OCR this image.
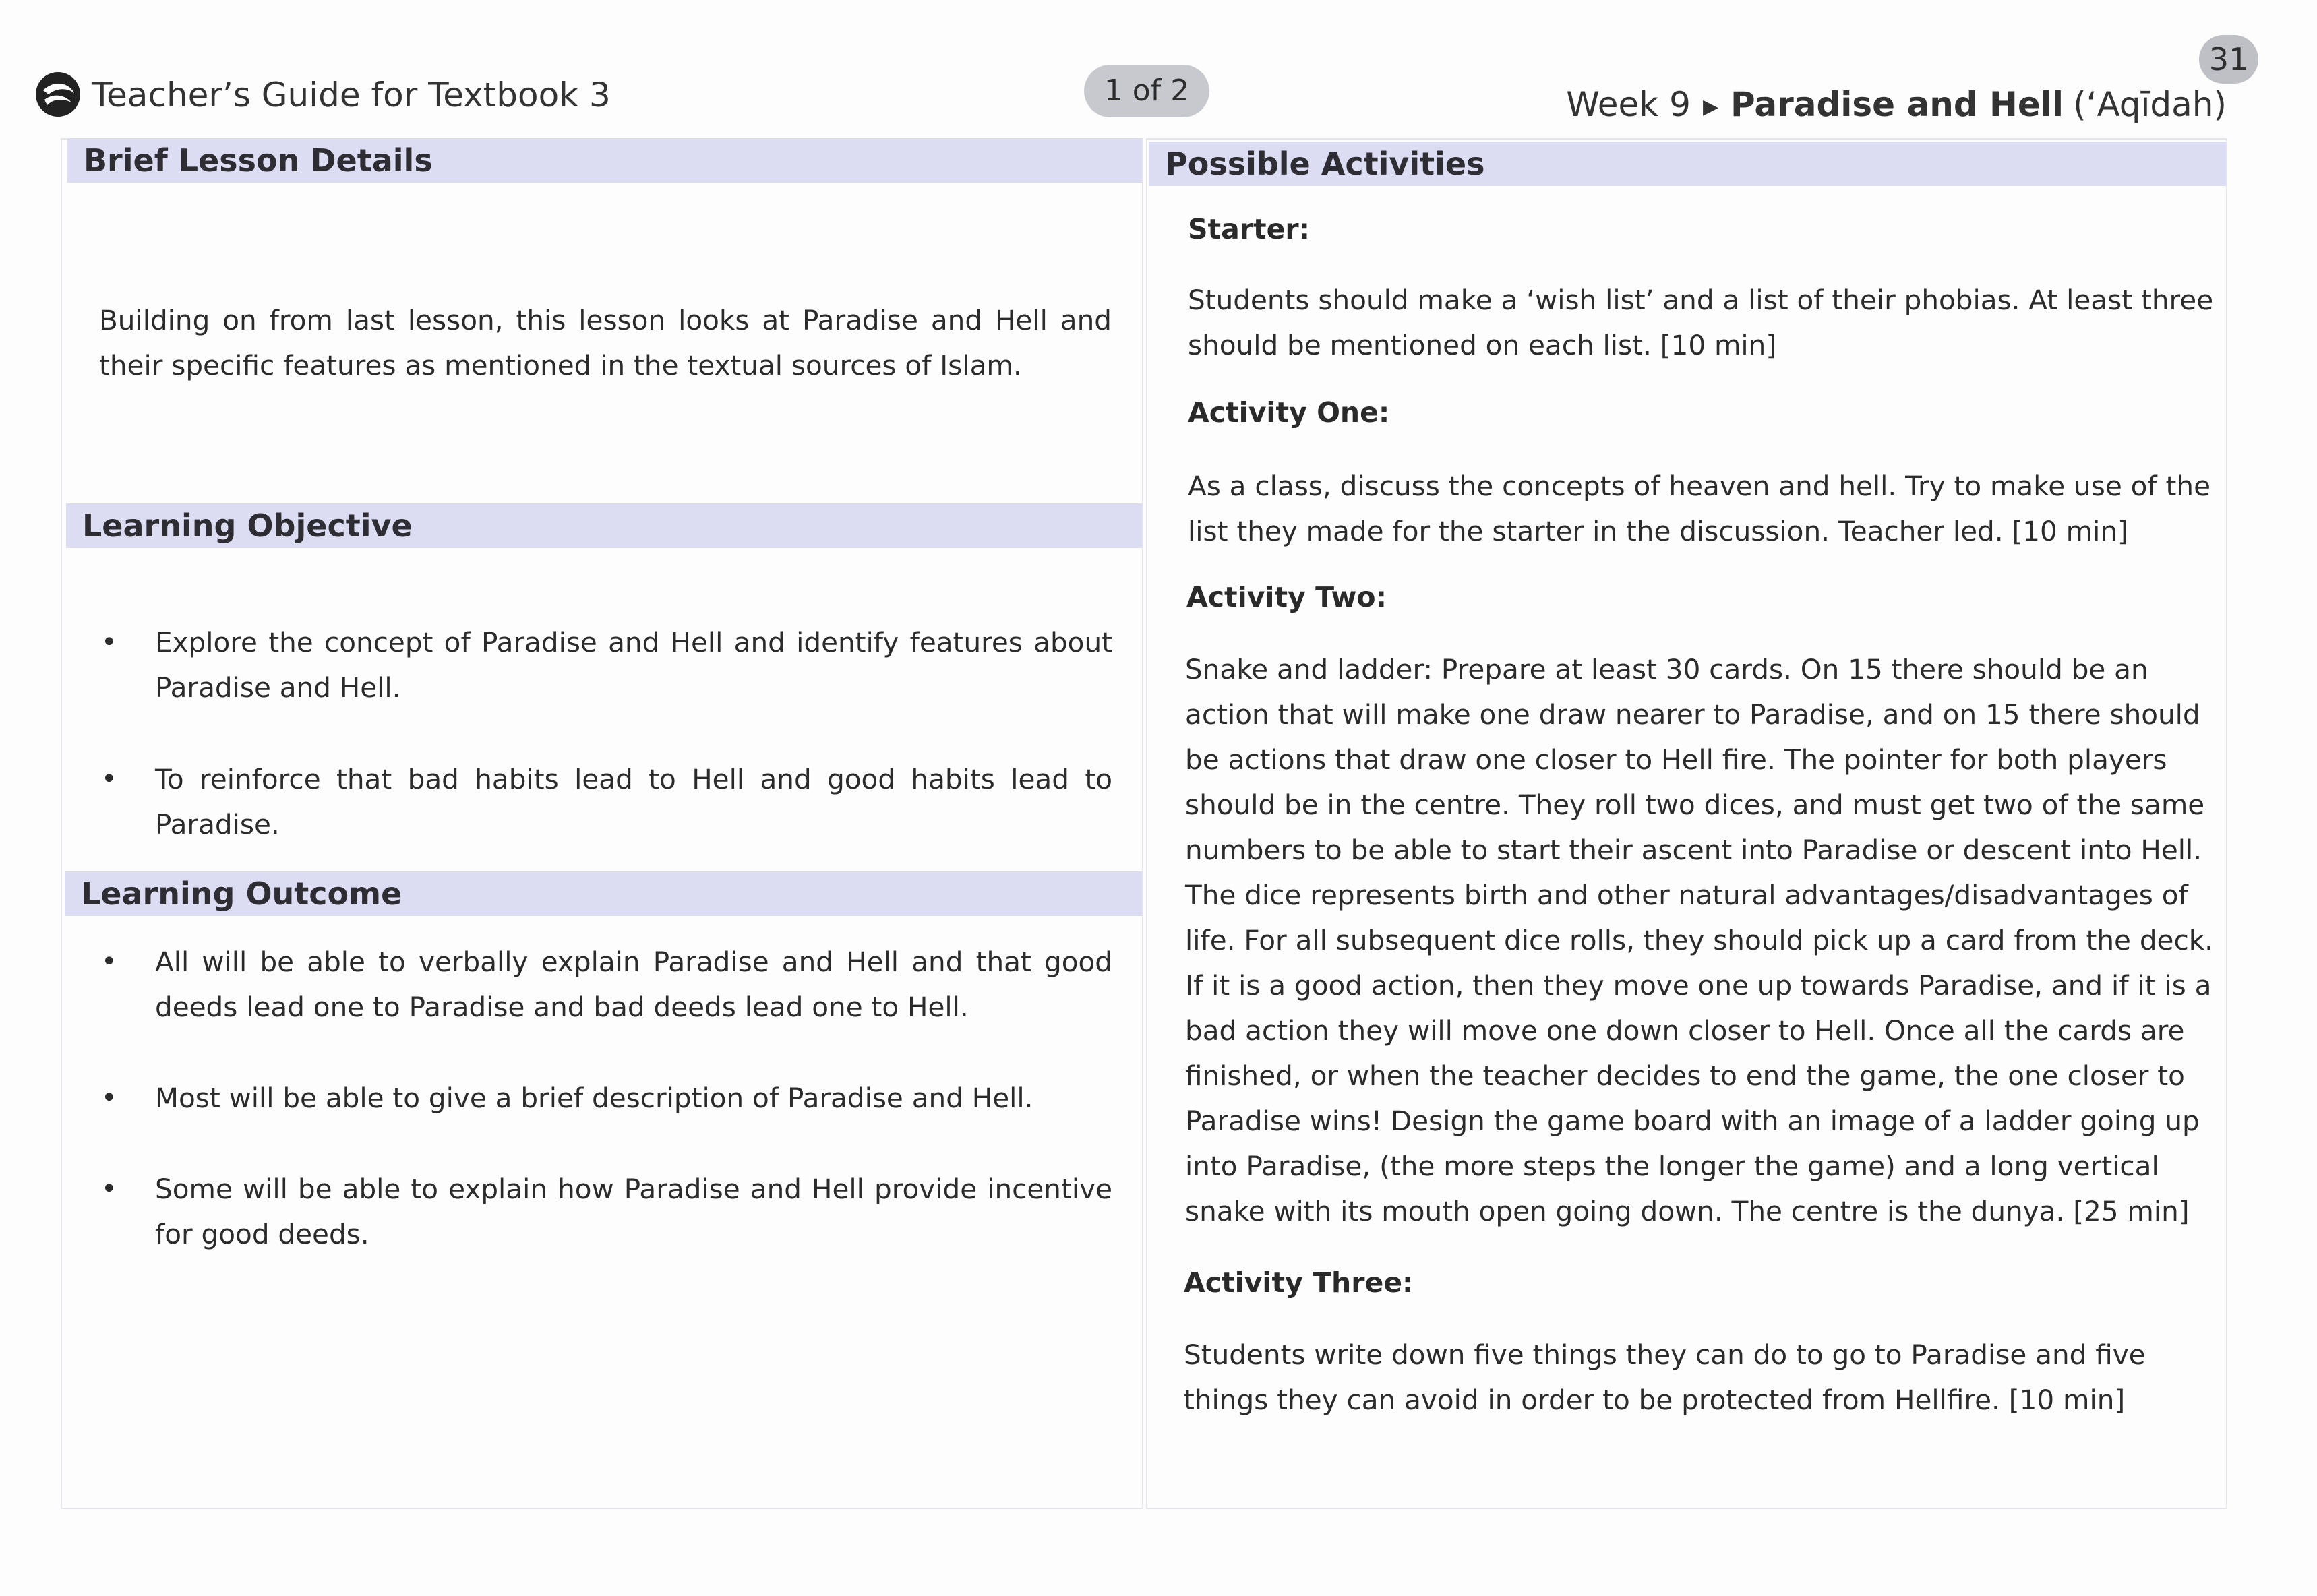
Teacher’s Guide for Textbook 3	1 of 2
31
Week 9 ▶ Paradise and Hell (‘Aqīdah)
Brief Lesson Details
Building on from last lesson, this lesson looks at Paradise and Hell and their specific features as mentioned in the textual sources of Islam.
Learning Objective
•	Explore the concept of Paradise and Hell and identify features about Paradise and Hell.
•	To reinforce that bad habits lead to Hell and good habits lead to Paradise.
Learning Outcome
•	All will be able to verbally explain Paradise and Hell and that good deeds lead one to Paradise and bad deeds lead one to Hell.
•	Most will be able to give a brief description of Paradise and Hell.
•	Some will be able to explain how Paradise and Hell provide incentive for good deeds.
Possible Activities
Starter:
Students should make a ‘wish list’ and a list of their phobias. At least three should be mentioned on each list. [10 min]
Activity One:
As a class, discuss the concepts of heaven and hell. Try to make use of the list they made for the starter in the discussion. Teacher led. [10 min]
Activity Two:
Snake and ladder: Prepare at least 30 cards. On 15 there should be an action that will make one draw nearer to Paradise, and on 15 there should be actions that draw one closer to Hell fire. The pointer for both players should be in the centre. They roll two dices, and must get two of the same numbers to be able to start their ascent into Paradise or descent into Hell. The dice represents birth and other natural advantages/disadvantages of life. For all subsequent dice rolls, they should pick up a card from the deck. If it is a good action, then they move one up towards Paradise, and if it is a bad action they will move one down closer to Hell. Once all the cards are finished, or when the teacher decides to end the game, the one closer to Paradise wins! Design the game board with an image of a ladder going up into Paradise, (the more steps the longer the game) and a long vertical snake with its mouth open going down. The centre is the dunya. [25 min]
Activity Three:
Students write down five things they can do to go to Paradise and five things they can avoid in order to be protected from Hellfire. [10 min]
